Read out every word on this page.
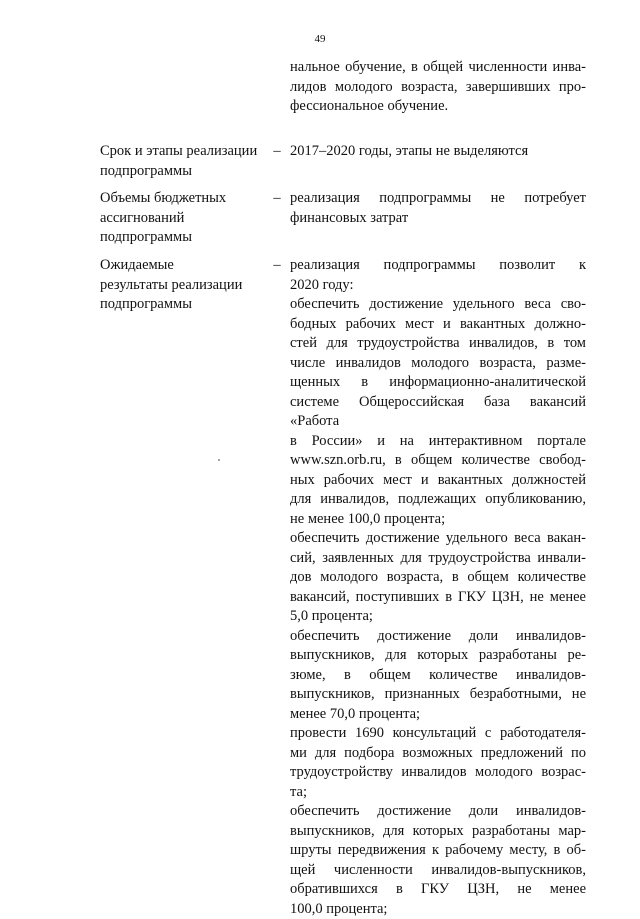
49
нальное обучение, в общей численности инва-
лидов молодого возраста, завершивших про-
фессиональное обучение.
Срок и этапы реализации
подпрограммы
– 2017–2020 годы, этапы не выделяются
Объемы бюджетных
ассигнований
подпрограммы
– реализация подпрограммы не потребует
финансовых затрат
Ожидаемые
результаты реализации
подпрограммы
– реализация подпрограммы позволит к
2020 году:
обеспечить достижение удельного веса сво-
бодных рабочих мест и вакантных должно-
стей для трудоустройства инвалидов, в том
числе инвалидов молодого возраста, разме-
щенных в информационно-аналитической
системе Общероссийская база вакансий «Работа
в России» и на интерактивном портале
www.szn.orb.ru, в общем количестве свобод-
ных рабочих мест и вакантных должностей
для инвалидов, подлежащих опубликованию,
не менее 100,0 процента;
обеспечить достижение удельного веса вакан-
сий, заявленных для трудоустройства инвали-
дов молодого возраста, в общем количестве
вакансий, поступивших в ГКУ ЦЗН, не менее
5,0 процента;
обеспечить достижение доли инвалидов-
выпускников, для которых разработаны ре-
зюме, в общем количестве инвалидов-
выпускников, признанных безработными, не
менее 70,0 процента;
провести 1690 консультаций с работодателя-
ми для подбора возможных предложений по
трудоустройству инвалидов молодого возрас-
та;
обеспечить достижение доли инвалидов-
выпускников, для которых разработаны мар-
шруты передвижения к рабочему месту, в об-
щей численности инвалидов-выпускников,
обратившихся в ГКУ ЦЗН, не менее
100,0 процента;
